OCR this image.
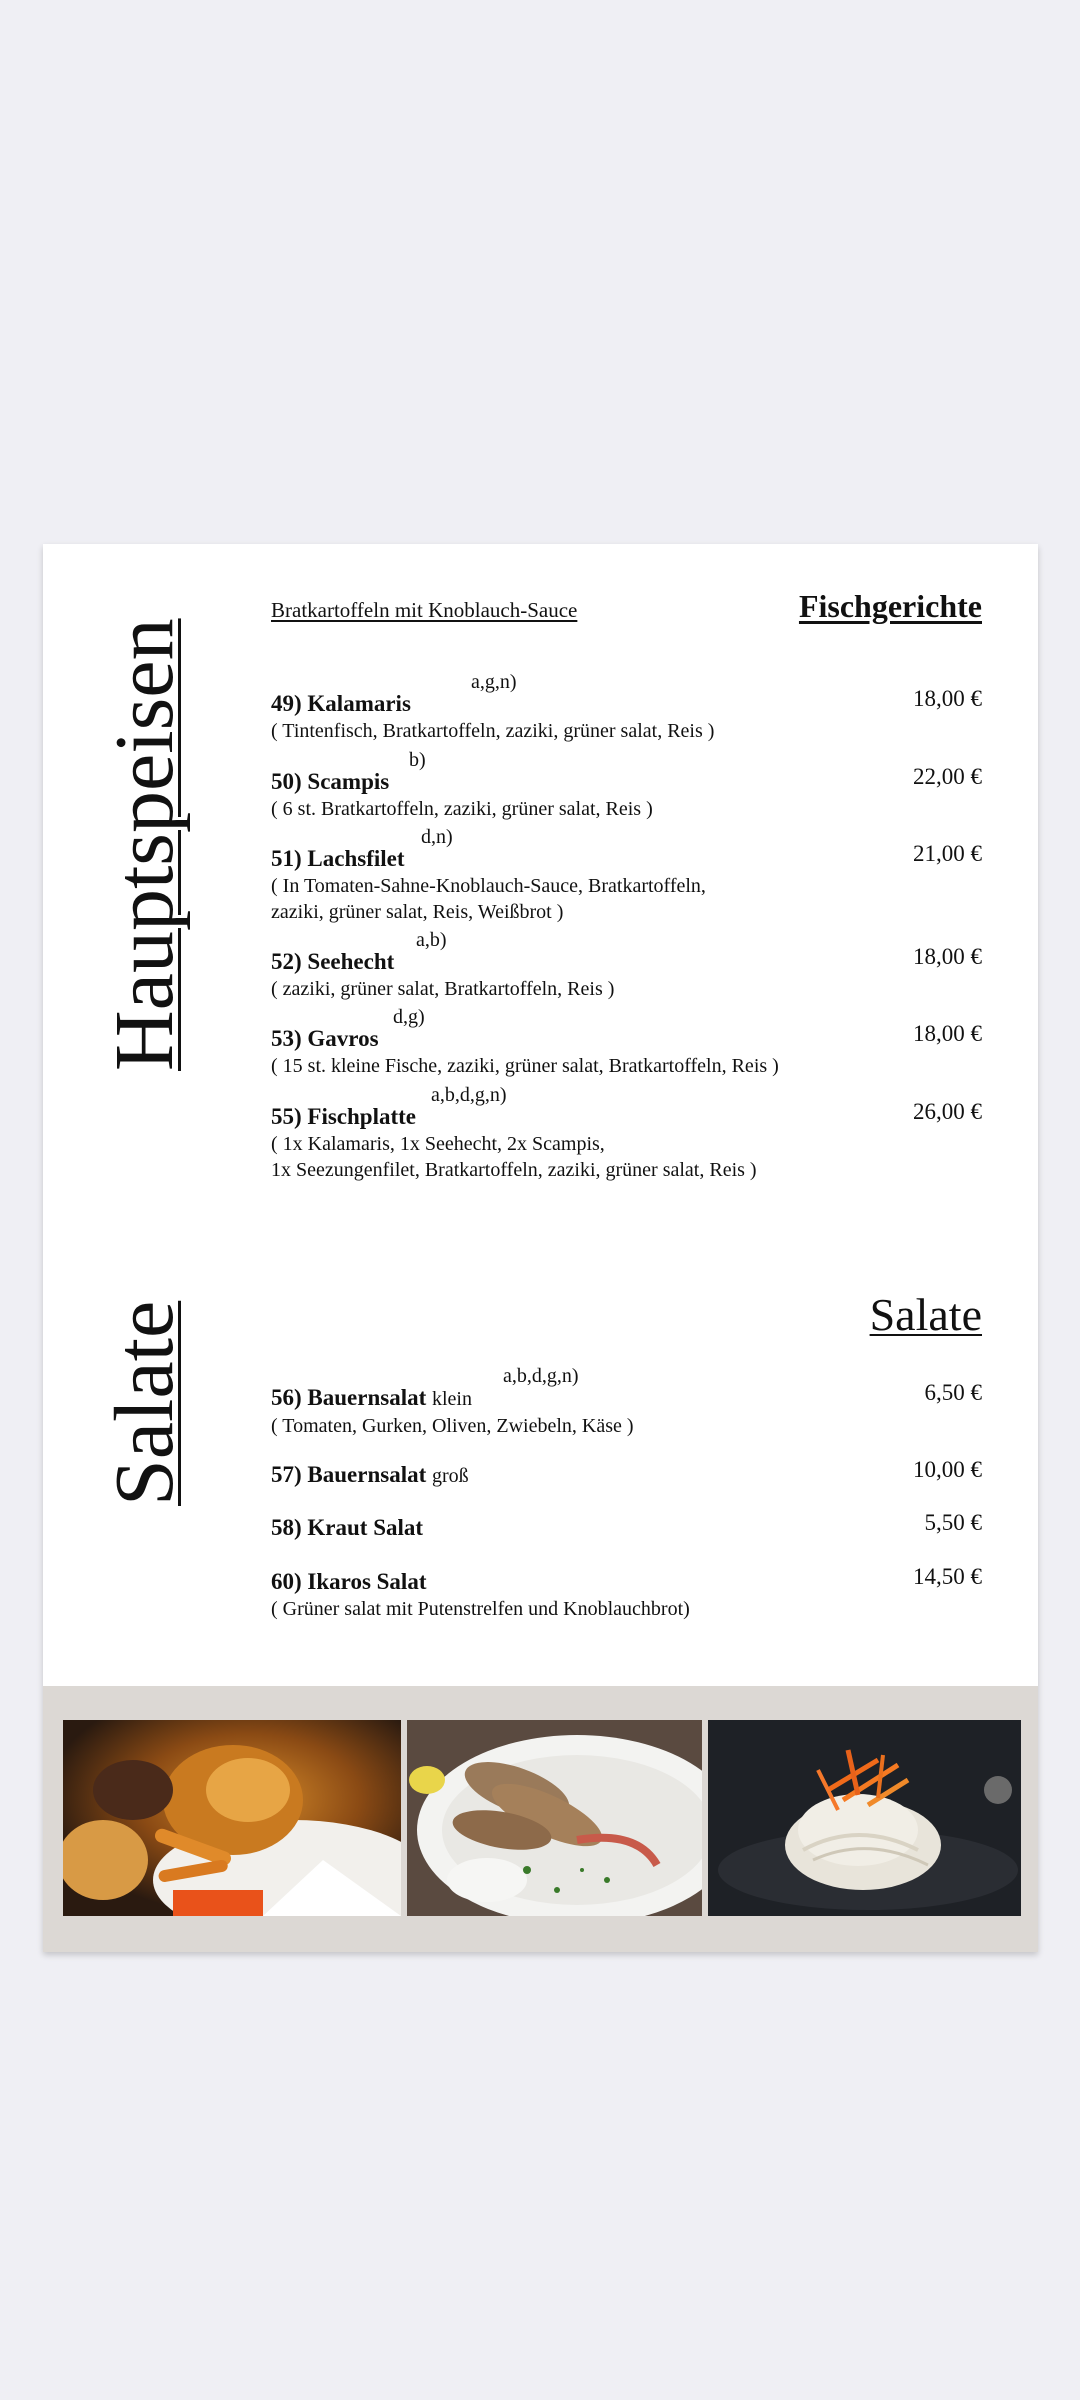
Hauptspeisen
Salate
Bratkartoffeln mit Knoblauch-Sauce	Fischgerichte
49) Kalamaris
a,g,n)
( Tintenfisch, Bratkartoffeln, zaziki, grüner salat, Reis )
18,00 €
50) Scampis
b)
( 6 st. Bratkartoffeln, zaziki, grüner salat, Reis )
22,00 €
51) Lachsfilet
d,n)
( In Tomaten-Sahne-Knoblauch-Sauce, Bratkartoffeln,
zaziki, grüner salat, Reis, Weißbrot )
21,00 €
52) Seehecht
a,b)
( zaziki, grüner salat, Bratkartoffeln, Reis )
18,00 €
53) Gavros
d,g)
( 15 st. kleine Fische, zaziki, grüner salat, Bratkartoffeln, Reis )
18,00 €
55) Fischplatte
a,b,d,g,n)
( 1x Kalamaris, 1x Seehecht, 2x Scampis,
1x Seezungenfilet, Bratkartoffeln, zaziki, grüner salat, Reis )
26,00 €
Salate
56) Bauernsalat klein
a,b,d,g,n)
( Tomaten, Gurken, Oliven, Zwiebeln, Käse )
6,50 €
57) Bauernsalat groß	10,00 €
58) Kraut Salat	5,50 €
60) Ikaros Salat
( Grüner salat mit Putenstrelfen und Knoblauchbrot)
14,50 €
